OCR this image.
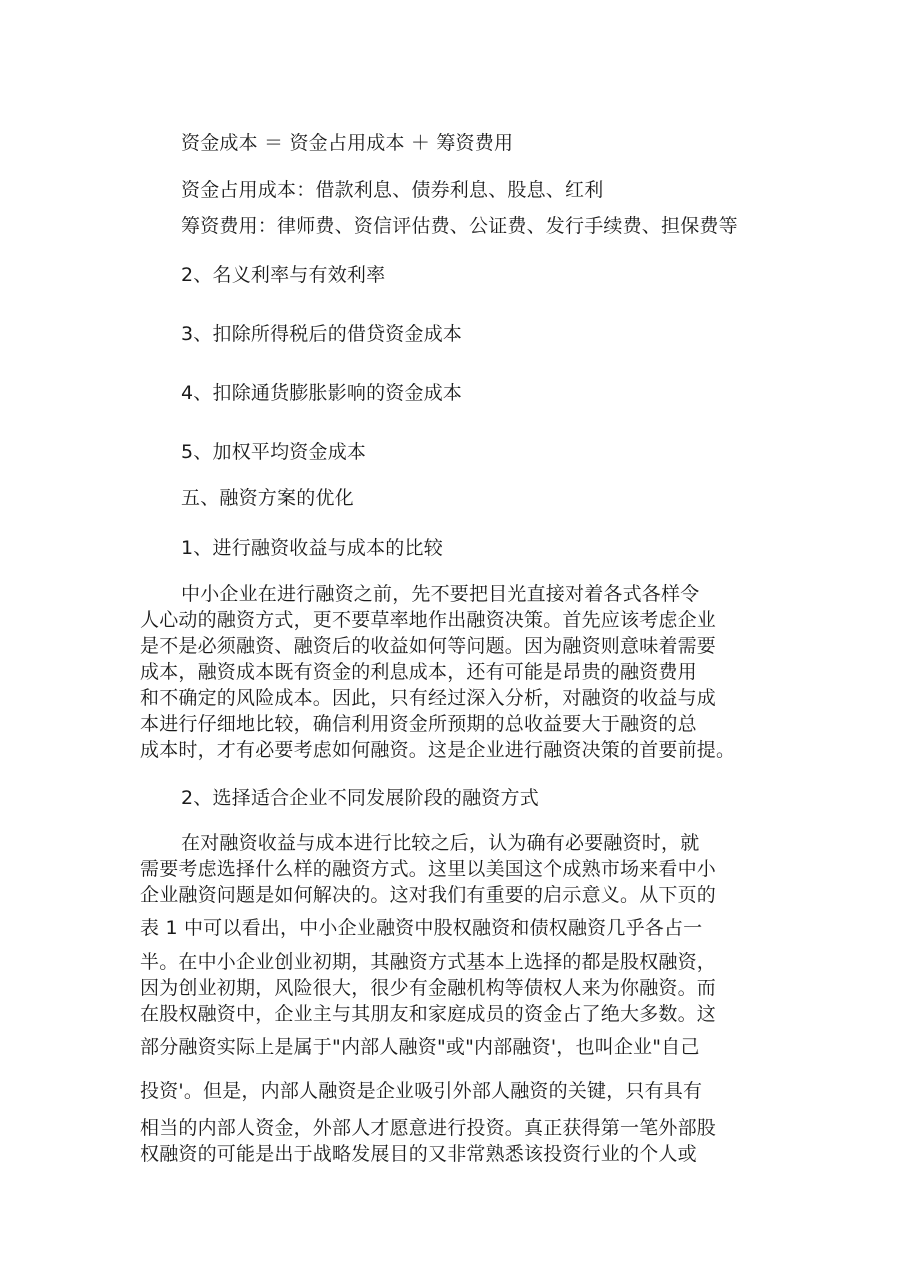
资金成本 ＝ 资金占用成本 ＋ 筹资费用
资金占用成本：借款利息、债券利息、股息、红利
筹资费用：律师费、资信评估费、公证费、发行手续费、担保费等
2、名义利率与有效利率
3、扣除所得税后的借贷资金成本
4、扣除通货膨胀影响的资金成本
5、加权平均资金成本
五、融资方案的优化
1、进行融资收益与成本的比较
中小企业在进行融资之前，先不要把目光直接对着各式各样令
人心动的融资方式，更不要草率地作出融资决策。首先应该考虑企业
是不是必须融资、融资后的收益如何等问题。因为融资则意味着需要
成本，融资成本既有资金的利息成本，还有可能是昂贵的融资费用
和不确定的风险成本。因此，只有经过深入分析，对融资的收益与成
本进行仔细地比较，确信利用资金所预期的总收益要大于融资的总
成本时，才有必要考虑如何融资。这是企业进行融资决策的首要前提。
2、选择适合企业不同发展阶段的融资方式
在对融资收益与成本进行比较之后，认为确有必要融资时，就
需要考虑选择什么样的融资方式。这里以美国这个成熟市场来看中小
企业融资问题是如何解决的。这对我们有重要的启示意义。从下页的
表 1 中可以看出，中小企业融资中股权融资和债权融资几乎各占一
半。在中小企业创业初期，其融资方式基本上选择的都是股权融资，
因为创业初期，风险很大，很少有金融机构等债权人来为你融资。而
在股权融资中，企业主与其朋友和家庭成员的资金占了绝大多数。这
部分融资实际上是属于"内部人融资"或"内部融资'，也叫企业"自己
投资'。但是，内部人融资是企业吸引外部人融资的关键，只有具有
相当的内部人资金，外部人才愿意进行投资。真正获得第一笔外部股
权融资的可能是出于战略发展目的又非常熟悉该投资行业的个人或
